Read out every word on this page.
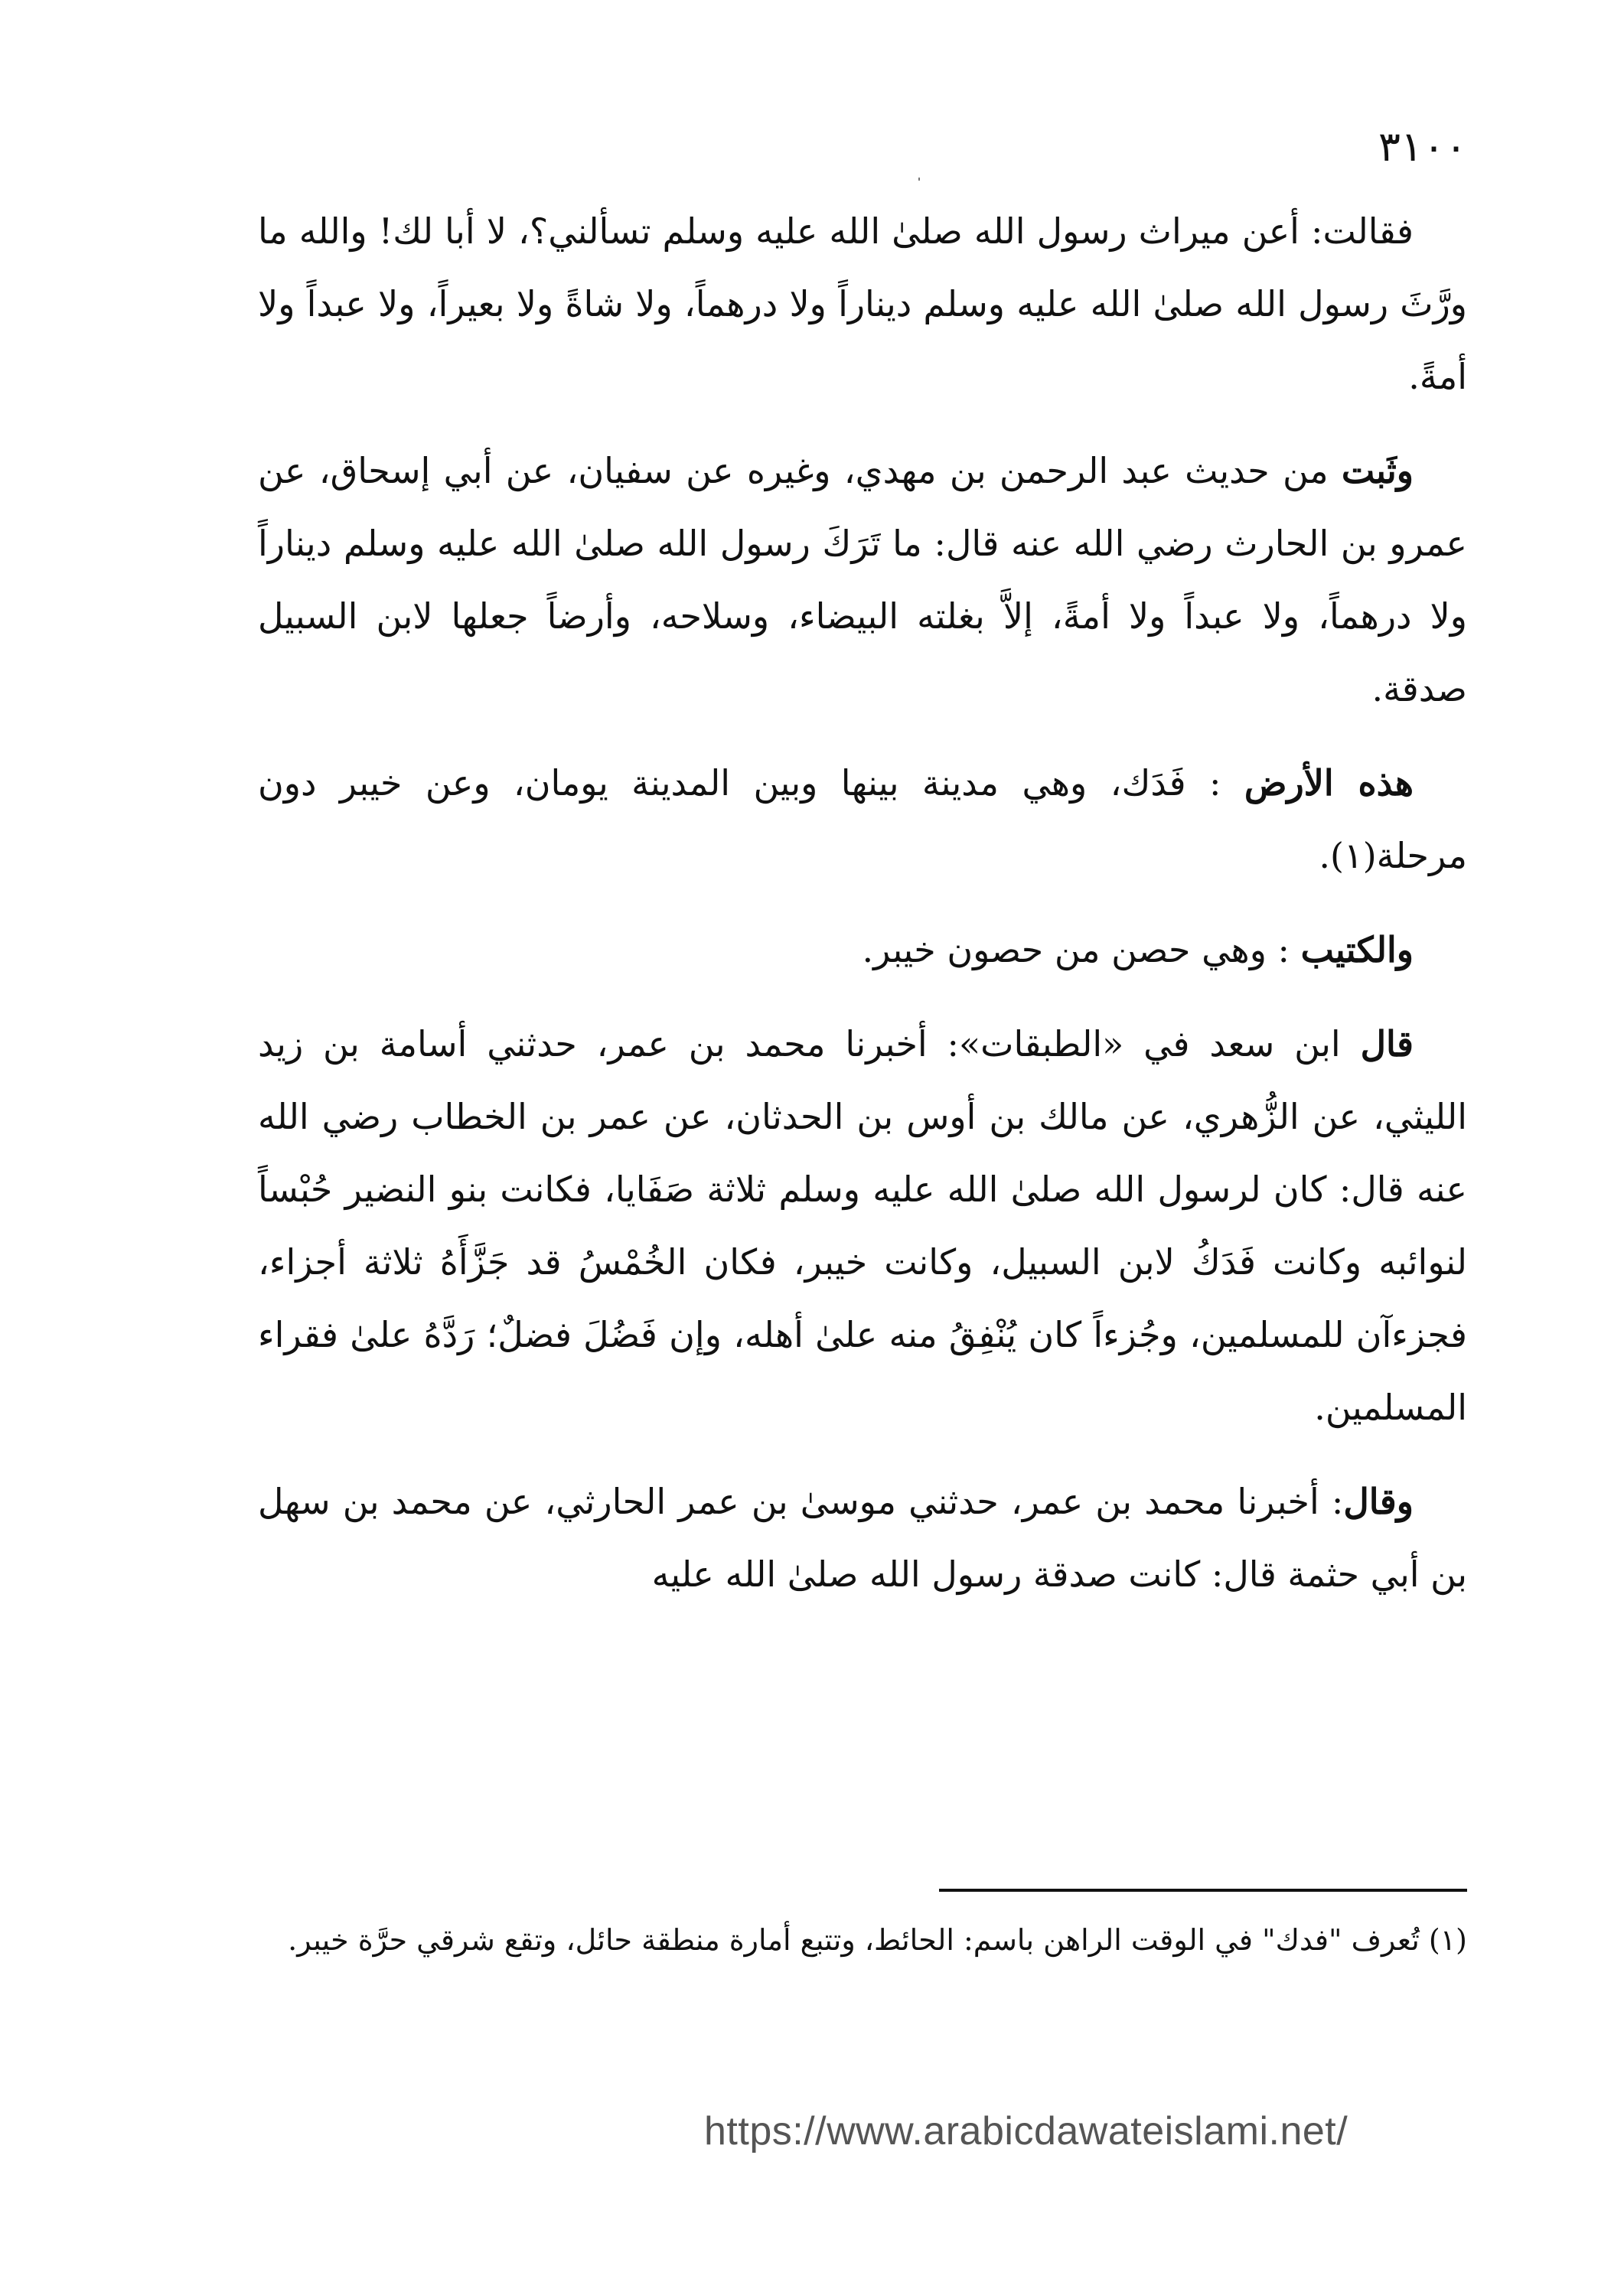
٣١٠٠

فقالت: أعن ميراث رسول الله صلىٰ الله عليه وسلم تسألني؟، لا أبا لك! والله ما ورَّثَ رسول الله صلىٰ الله عليه وسلم ديناراً ولا درهماً، ولا شاةً ولا بعيراً، ولا عبداً ولا أمةً.

وثَبت من حديث عبد الرحمن بن مهدي، وغيره عن سفيان، عن أبي إسحاق، عن عمرو بن الحارث رضي الله عنه قال: ما تَرَكَ رسول الله صلىٰ الله عليه وسلم ديناراً ولا درهماً، ولا عبداً ولا أمةً، إلاَّ بغلته البيضاء، وسلاحه، وأرضاً جعلها لابن السبيل صدقة.

هذه الأرض : فَدَك، وهي مدينة بينها وبين المدينة يومان، وعن خيبر دون مرحلة(١).

والكتيب : وهي حصن من حصون خيبر.

قال ابن سعد في «الطبقات»: أخبرنا محمد بن عمر، حدثني أسامة بن زيد الليثي، عن الزُّهري، عن مالك بن أوس بن الحدثان، عن عمر بن الخطاب رضي الله عنه قال: كان لرسول الله صلىٰ الله عليه وسلم ثلاثة صَفَايا، فكانت بنو النضير حُبْساً لنوائبه وكانت فَدَكُ لابن السبيل، وكانت خيبر، فكان الخُمْسُ قد جَزَّأَهُ ثلاثة أجزاء، فجزءآن للمسلمين، وجُزءاً كان يُنْفِقُ منه علىٰ أهله، وإن فَضُلَ فضلٌ؛ رَدَّهُ علىٰ فقراء المسلمين.

وقال: أخبرنا محمد بن عمر، حدثني موسىٰ بن عمر الحارثي، عن محمد بن سهل بن أبي حثمة قال: كانت صدقة رسول الله صلىٰ الله عليه

(١) تُعرف "فدك" في الوقت الراهن باسم: الحائط، وتتبع أمارة منطقة حائل، وتقع شرقي حرَّة خيبر.

https://www.arabicdawateislami.net/
